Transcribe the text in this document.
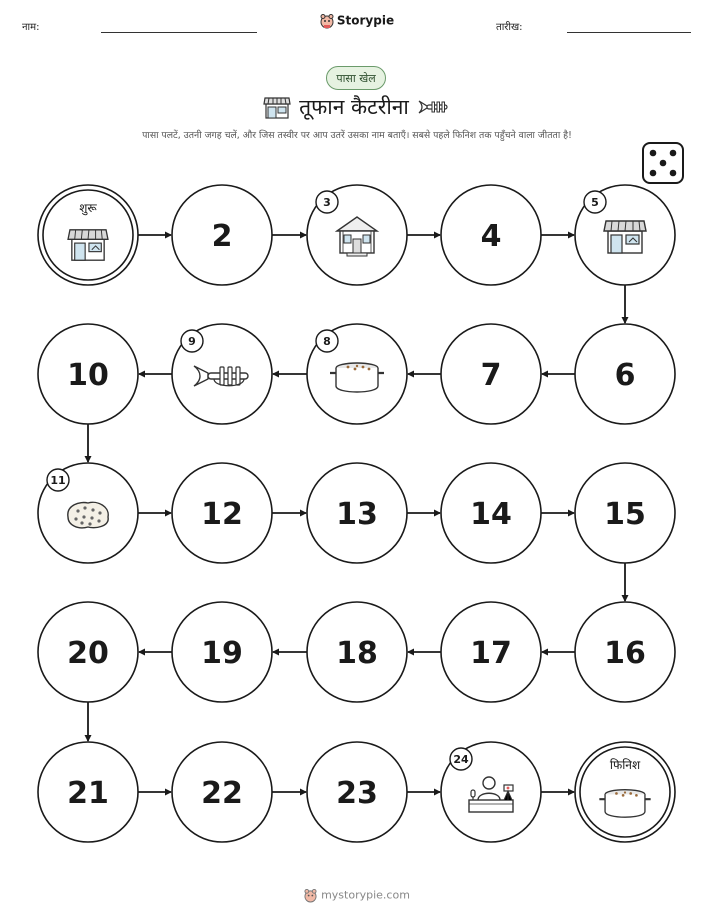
नाम:	Storypie	तारीख:
पासा खेल
तूफान कैटरीना
पासा पलटें, उतनी जगह चलें, और जिस तस्वीर पर आप उतरें उसका नाम बताएँ। सबसे पहले फिनिश तक पहुँचने वाला जीतता है!
शुरू
2
3
4
5
6
7
8
9
10
11
12	13	14	15
16
17
18
19
20
21	22	23
24	फिनिश
mystorypie.com
